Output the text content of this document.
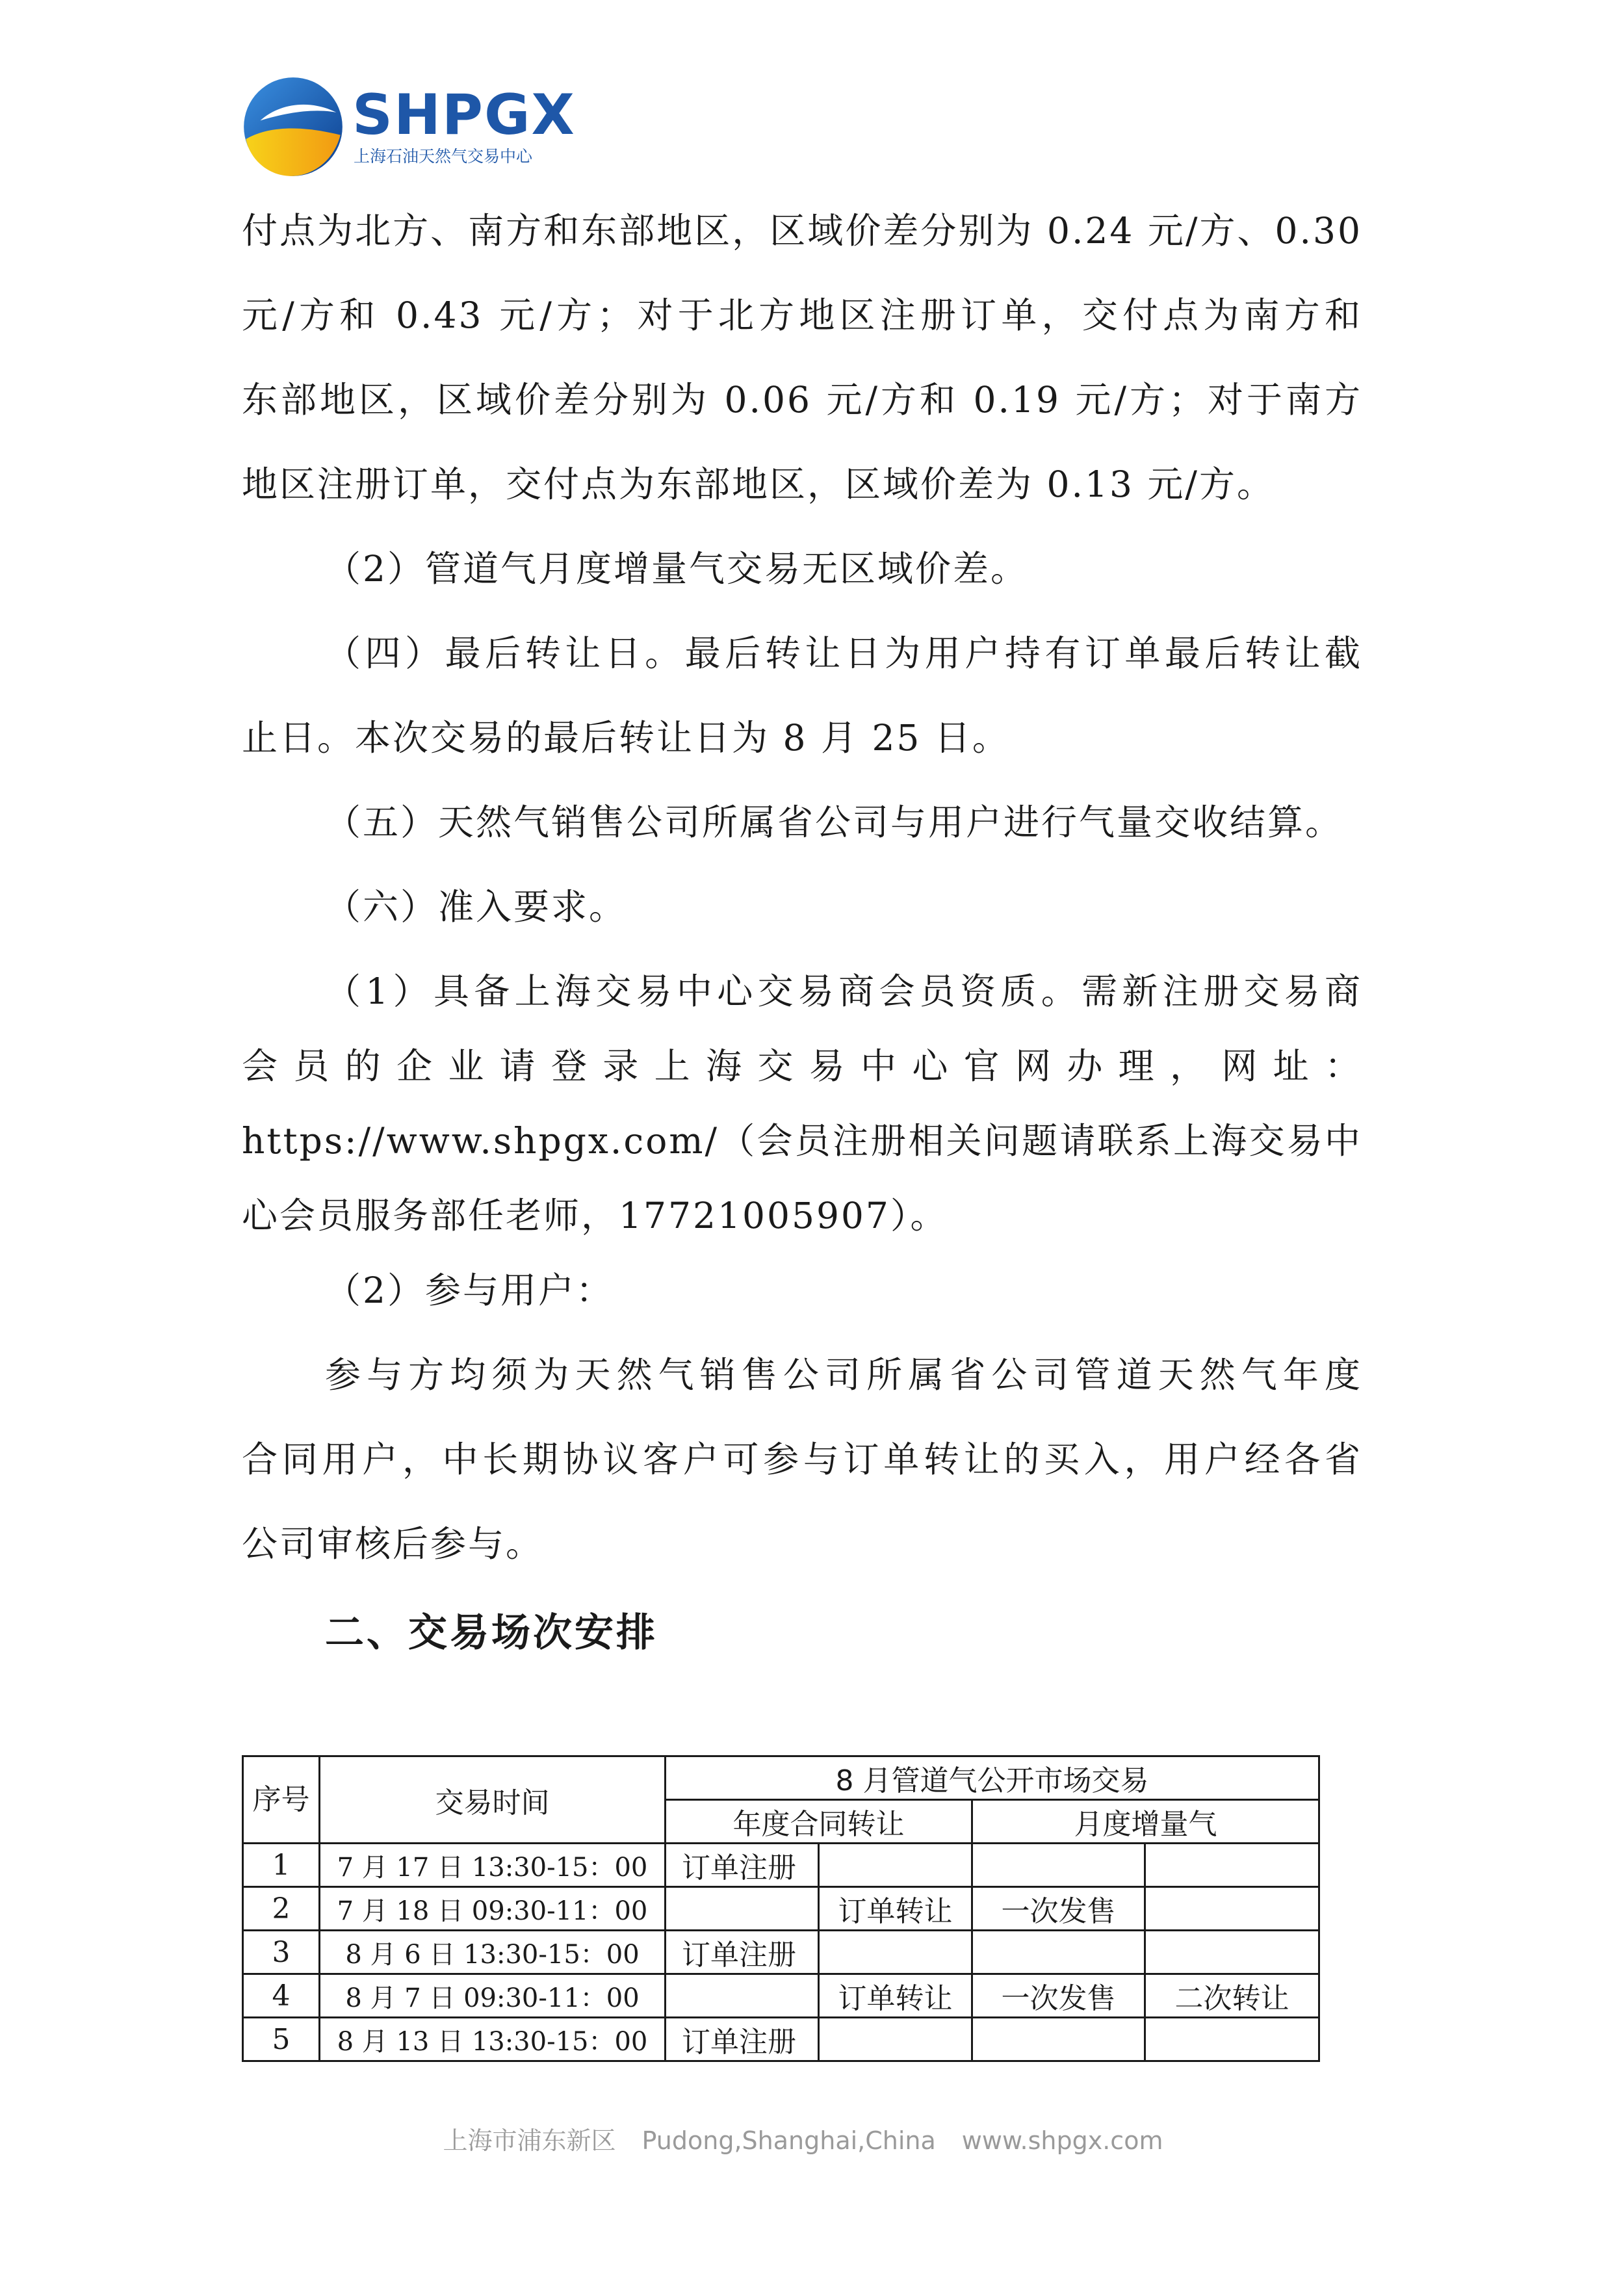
SHPGX
上海石油天然气交易中心
付点为北方、南方和东部地区，区域价差分别为 0.24 元/方、0.30
元/方和 0.43 元/方；对于北方地区注册订单，交付点为南方和
东部地区，区域价差分别为 0.06 元/方和 0.19 元/方；对于南方
地区注册订单，交付点为东部地区，区域价差为 0.13 元/方。
（2）管道气月度增量气交易无区域价差。
（四）最后转让日。最后转让日为用户持有订单最后转让截
止日。本次交易的最后转让日为 8 月 25 日。
（五）天然气销售公司所属省公司与用户进行气量交收结算。
（六）准入要求。
（1）具备上海交易中心交易商会员资质。需新注册交易商
会员的企业请登录上海交易中心官网办理，网址：
https://www.shpgx.com/（会员注册相关问题请联系上海交易中
心会员服务部任老师，17721005907）。
（2）参与用户：
参与方均须为天然气销售公司所属省公司管道天然气年度
合同用户，中长期协议客户可参与订单转让的买入，用户经各省
公司审核后参与。
二、交易场次安排
序号	交易时间	8 月管道气公开市场交易			
		年度合同转让		月度增量气	
1	7 月 17 日 13:30-15：00	订单注册			
2	7 月 18 日 09:30-11：00		订单转让	一次发售	
3	8 月 6 日 13:30-15：00	订单注册			
4	8 月 7 日 09:30-11：00		订单转让	一次发售	二次转让
5	8 月 13 日 13:30-15：00	订单注册			
上海市浦东新区 Pudong,Shanghai,China www.shpgx.com
